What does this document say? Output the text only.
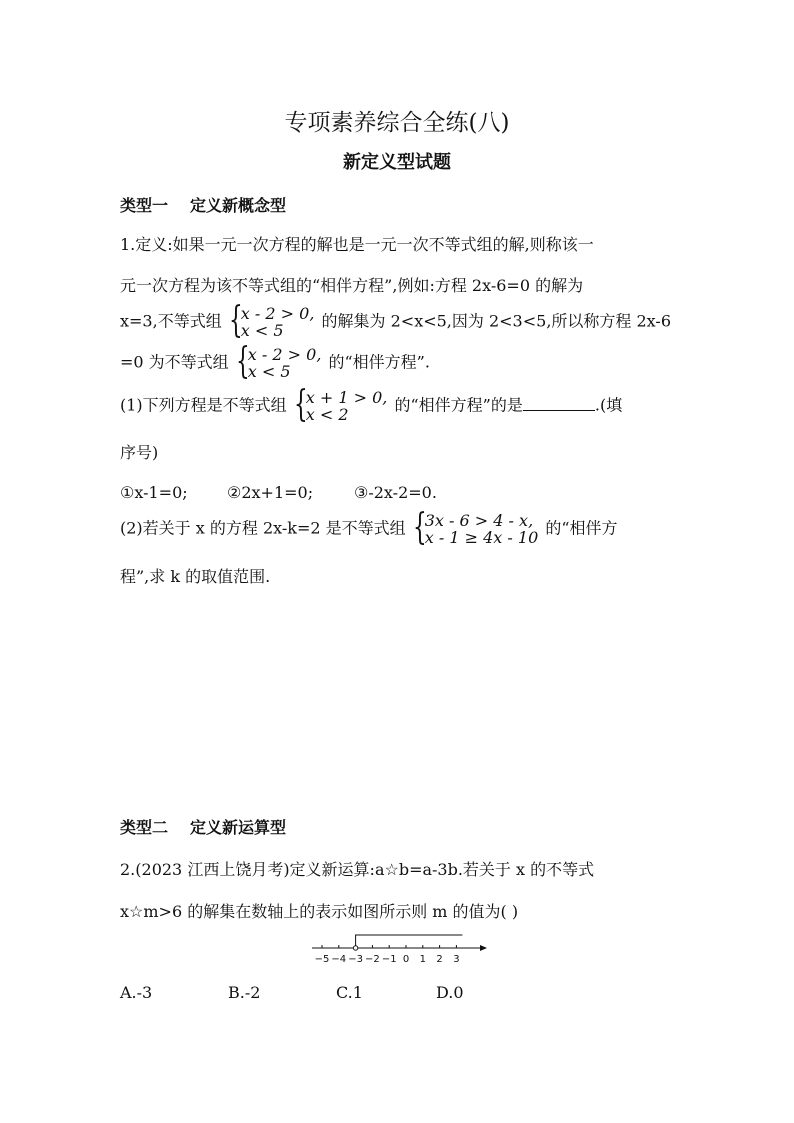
专项素养综合全练(八)
新定义型试题
类型一 定义新概念型
1.定义:如果一元一次方程的解也是一元一次不等式组的解,则称该一
元一次方程为该不等式组的“相伴方程”,例如:方程 2x-6=0 的解为
x=3,不等式组 {
x - 2 > 0,
x < 5	的解集为 2<x<5,因为 2<3<5,所以称方程 2x-6
=0 为不等式组 {
x - 2 > 0,
x < 5	的“相伴方程”.
(1)下列方程是不等式组 {
x + 1 > 0,
x < 2	的“相伴方程”的是	.(填
序号)
①x-1=0; ②2x+1=0;	③-2x-2=0.
(2)若关于 x 的方程 2x-k=2 是不等式组 {
3x - 6 > 4 - x,
x - 1 ≥ 4x - 10 的“相伴方
程”,求 k 的取值范围.
类型二 定义新运算型
2.(2023 江西上饶月考)定义新运算:a☆b=a-3b.若关于 x 的不等式
x☆m>6 的解集在数轴上的表示如图所示则 m 的值为( )
−5 −4 −3 −2 −1 0 1 2 3
A.-3	B.-2	C.1	D.0
